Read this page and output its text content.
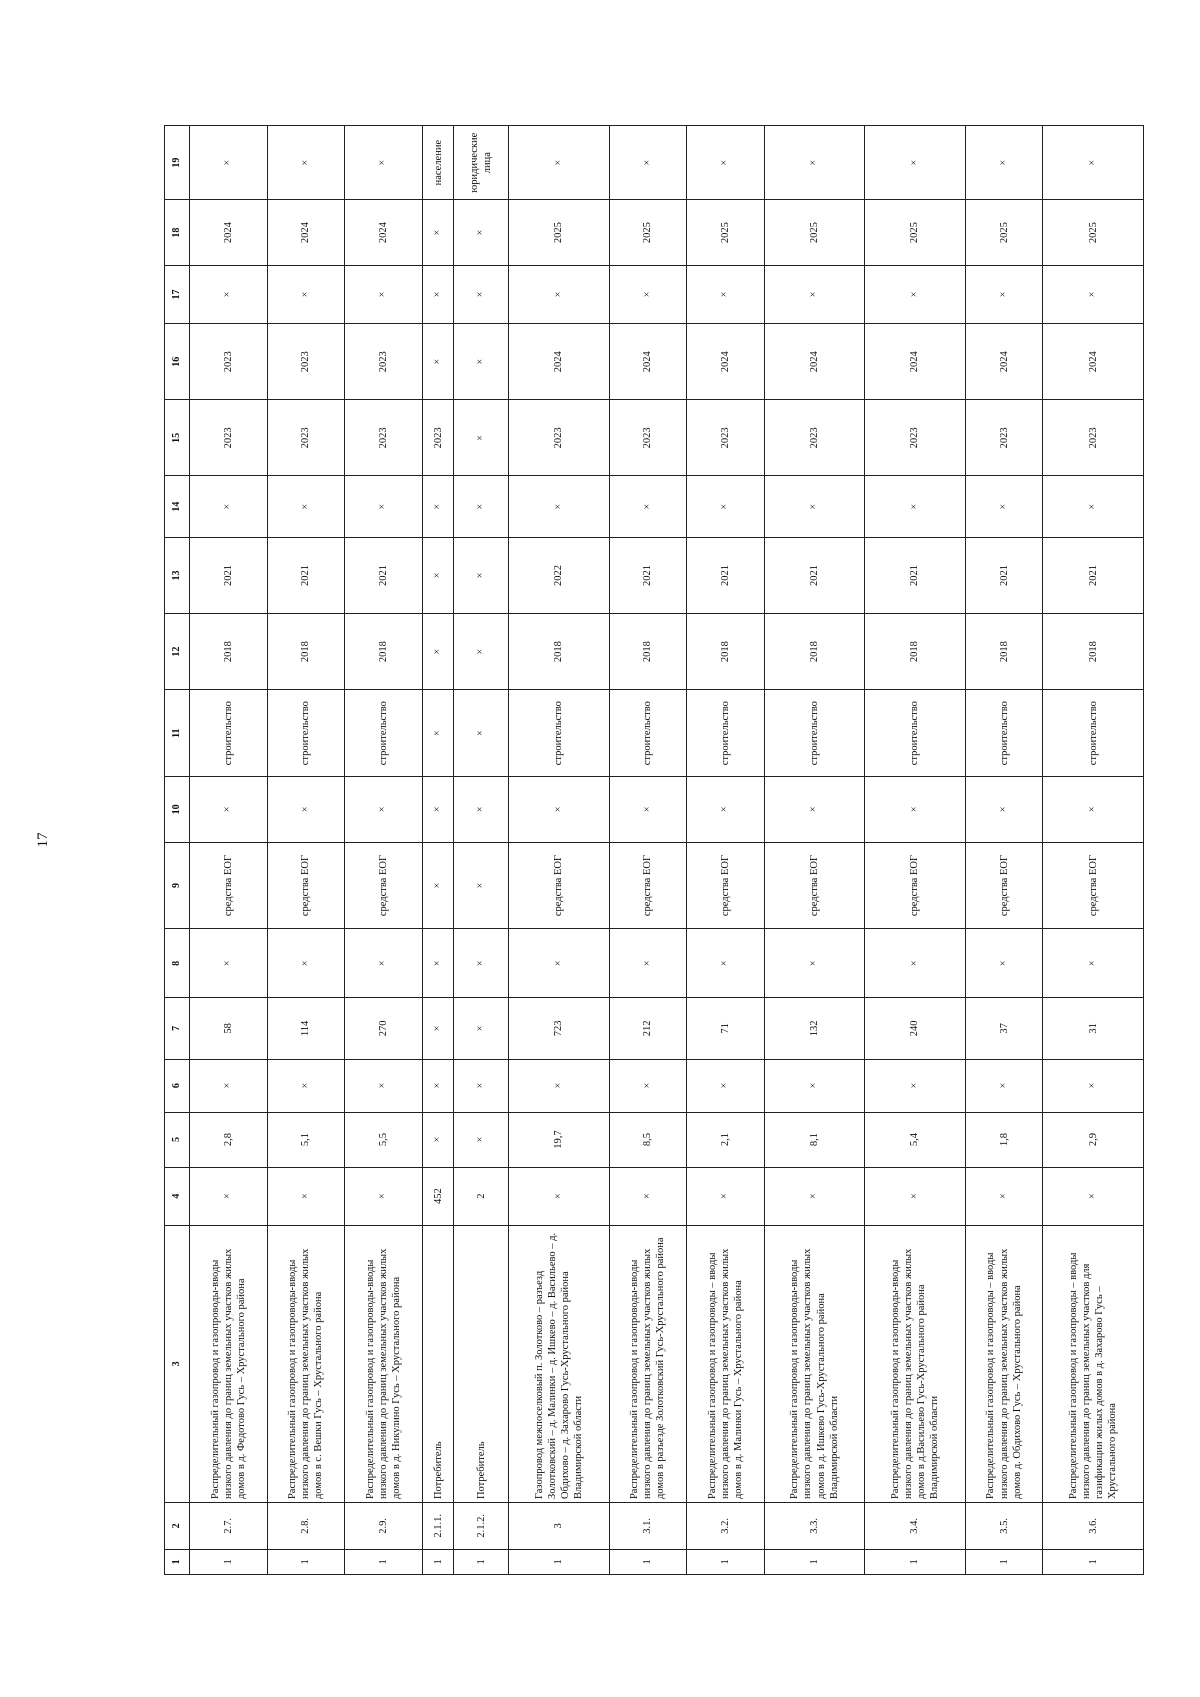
17
1	2	3	4	5	6	7	8	9	10	11	12	13	14	15	16	17	18	19
1	2.7.	Распределительный газопровод и газопроводы-вводы низкого давления до границ земельных участков жилых домов в д. Федотово Гусь – Хрустального района	×	2,8	×	58	×	средства ЕОГ	×	строительство	2018	2021	×	2023	2023	×	2024	×
1	2.8.	Распределительный газопровод и газопроводы-вводы низкого давления до границ земельных участков жилых домов в с. Вешки Гусь – Хрустального района	×	5,1	×	114	×	средства ЕОГ	×	строительство	2018	2021	×	2023	2023	×	2024	×
1	2.9.	Распределительный газопровод и газопроводы-вводы низкого давления до границ земельных участков жилых домов в д. Никулино Гусь – Хрустального района	×	5,5	×	270	×	средства ЕОГ	×	строительство	2018	2021	×	2023	2023	×	2024	×
1	2.1.1.	Потребитель	452	×	×	×	×	×	×	×	×	×	×	2023	×	×	×	население
1	2.1.2.	Потребитель	2	×	×	×	×	×	×	×	×	×	×	×	×	×	×	юридические лица
1	3	Газопровод межпоселковый п. Золотково – разъезд Золотковский – д. Малинки – д. Ишкево – д. Васильево – д. Обдихово – д. Захарово Гусь-Хрустального района Владимирской области	×	19,7	×	723	×	средства ЕОГ	×	строительство	2018	2022	×	2023	2024	×	2025	×
1	3.1.	Распределительный газопровод и газопроводы-вводы низкого давления до границ земельных участков жилых домов в разъезде Золотковский Гусь-Хрустального района	×	8,5	×	212	×	средства ЕОГ	×	строительство	2018	2021	×	2023	2024	×	2025	×
1	3.2.	Распределительный газопровод и газопроводы – вводы низкого давления до границ земельных участков жилых домов в д. Малинки Гусь – Хрустального района	×	2,1	×	71	×	средства ЕОГ	×	строительство	2018	2021	×	2023	2024	×	2025	×
1	3.3.	Распределительный газопровод и газопроводы-вводы низкого давления до границ земельных участков жилых домов в д. Ишкево Гусь-Хрустального района Владимирской области	×	8,1	×	132	×	средства ЕОГ	×	строительство	2018	2021	×	2023	2024	×	2025	×
1	3.4.	Распределительный газопровод и газопроводы-вводы низкого давления до границ земельных участков жилых домов в д.Васильево Гусь-Хрустального района Владимирской области	×	5,4	×	240	×	средства ЕОГ	×	строительство	2018	2021	×	2023	2024	×	2025	×
1	3.5.	Распределительный газопровод и газопроводы – вводы низкого давления до границ земельных участков жилых домов д. Обдихово Гусь – Хрустального района	×	1,8	×	37	×	средства ЕОГ	×	строительство	2018	2021	×	2023	2024	×	2025	×
1	3.6.	Распределительный газопровод и газопроводы – вводы низкого давления до границ земельных участков для газификации жилых домов в д. Захарово Гусь – Хрустального района	×	2,9	×	31	×	средства ЕОГ	×	строительство	2018	2021	×	2023	2024	×	2025	×
